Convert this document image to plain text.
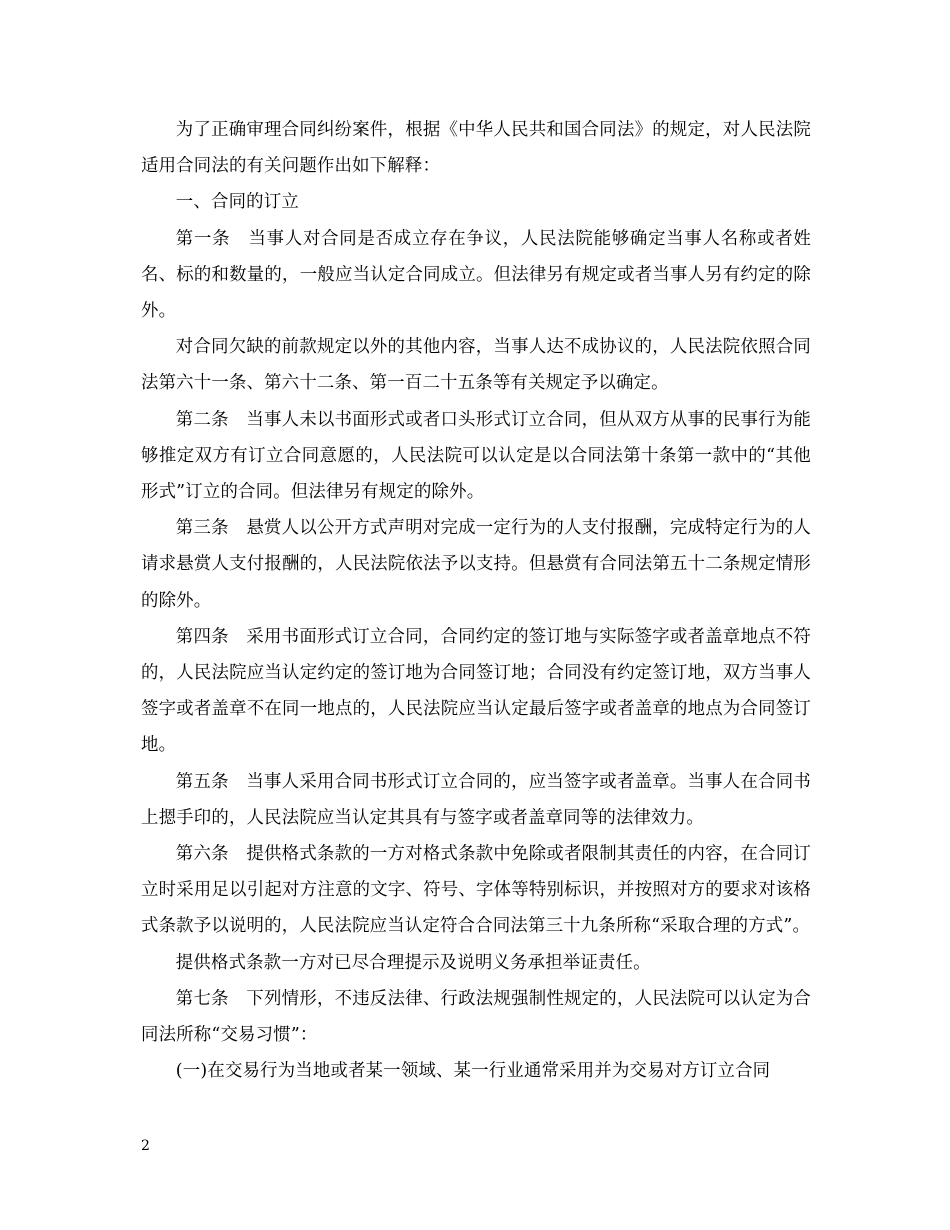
为了正确审理合同纠纷案件，根据《中华人民共和国合同法》的规定，对人民法院适用合同法的有关问题作出如下解释：

一、合同的订立

第一条　当事人对合同是否成立存在争议，人民法院能够确定当事人名称或者姓名、标的和数量的，一般应当认定合同成立。但法律另有规定或者当事人另有约定的除外。

对合同欠缺的前款规定以外的其他内容，当事人达不成协议的，人民法院依照合同法第六十一条、第六十二条、第一百二十五条等有关规定予以确定。

第二条　当事人未以书面形式或者口头形式订立合同，但从双方从事的民事行为能够推定双方有订立合同意愿的，人民法院可以认定是以合同法第十条第一款中的“其他形式”订立的合同。但法律另有规定的除外。

第三条　悬赏人以公开方式声明对完成一定行为的人支付报酬，完成特定行为的人请求悬赏人支付报酬的，人民法院依法予以支持。但悬赏有合同法第五十二条规定情形的除外。

第四条　采用书面形式订立合同，合同约定的签订地与实际签字或者盖章地点不符的，人民法院应当认定约定的签订地为合同签订地；合同没有约定签订地，双方当事人签字或者盖章不在同一地点的，人民法院应当认定最后签字或者盖章的地点为合同签订地。

第五条　当事人采用合同书形式订立合同的，应当签字或者盖章。当事人在合同书上摁手印的，人民法院应当认定其具有与签字或者盖章同等的法律效力。

第六条　提供格式条款的一方对格式条款中免除或者限制其责任的内容，在合同订立时采用足以引起对方注意的文字、符号、字体等特别标识，并按照对方的要求对该格式条款予以说明的，人民法院应当认定符合合同法第三十九条所称“采取合理的方式”。

提供格式条款一方对已尽合理提示及说明义务承担举证责任。

第七条　下列情形，不违反法律、行政法规强制性规定的，人民法院可以认定为合同法所称“交易习惯”：

(一)在交易行为当地或者某一领域、某一行业通常采用并为交易对方订立合同

2
